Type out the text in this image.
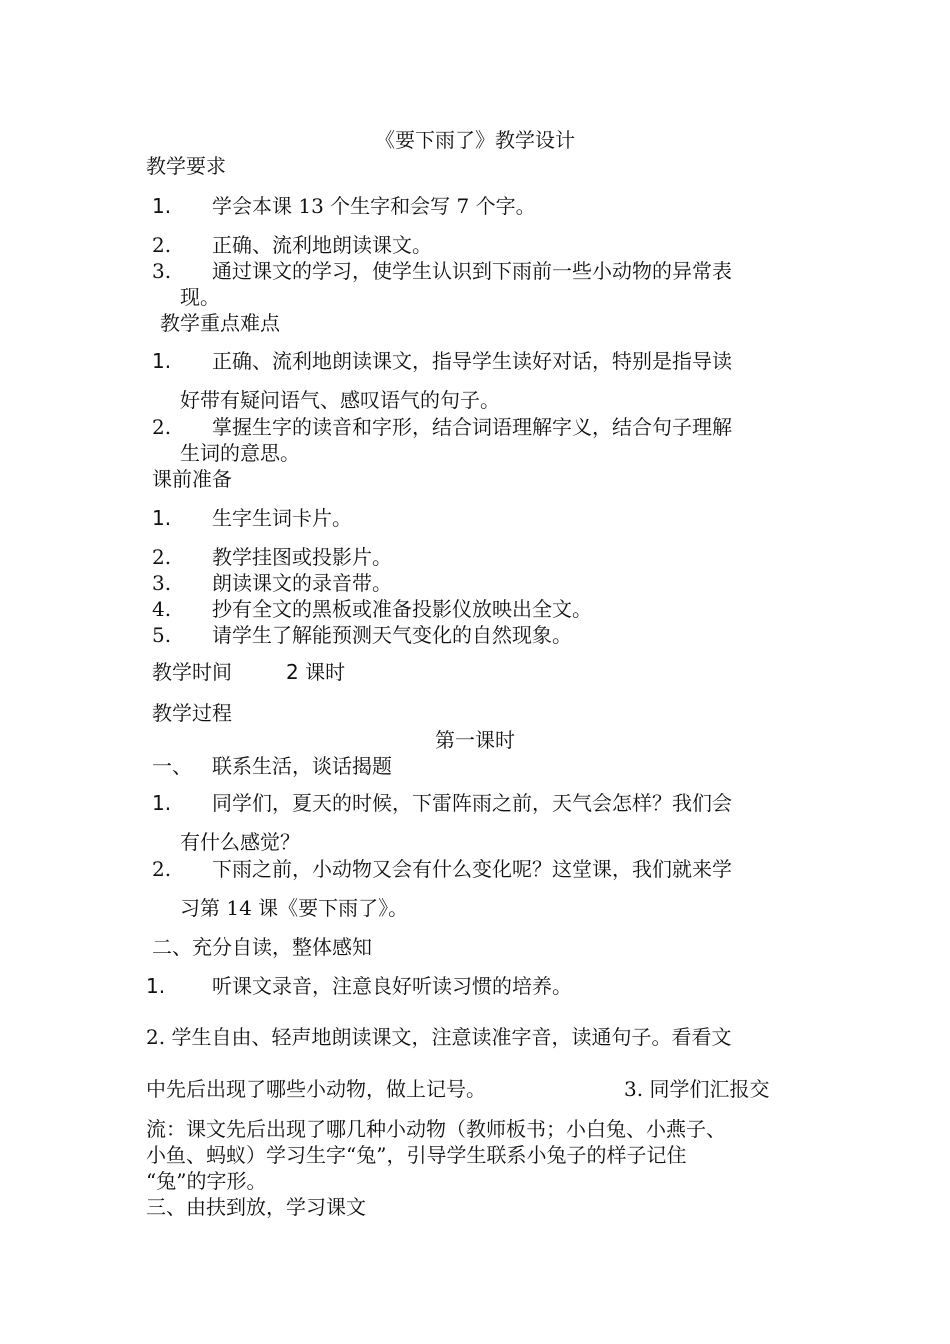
《要下雨了》教学设计
教学要求
1. 学会本课 13 个生字和会写 7 个字。
2. 正确、流利地朗读课文。
3. 通过课文的学习，使学生认识到下雨前一些小动物的异常表
现。
教学重点难点
1. 正确、流利地朗读课文，指导学生读好对话，特别是指导读
好带有疑问语气、感叹语气的句子。
2. 掌握生字的读音和字形，结合词语理解字义，结合句子理解
生词的意思。
课前准备
1. 生字生词卡片。
2. 教学挂图或投影片。
3. 朗读课文的录音带。
4. 抄有全文的黑板或准备投影仪放映出全文。
5. 请学生了解能预测天气变化的自然现象。
教学时间	2 课时
教学过程
第一课时
一、 联系生活，谈话揭题
1. 同学们，夏天的时候，下雷阵雨之前，天气会怎样？我们会
有什么感觉？
2. 下雨之前，小动物又会有什么变化呢？这堂课，我们就来学
习第 14 课《要下雨了》。
二、充分自读，整体感知
1. 听课文录音，注意良好听读习惯的培养。
2. 学生自由、轻声地朗读课文，注意读准字音，读通句子。看看文
中先后出现了哪些小动物，做上记号。	3. 同学们汇报交
流：课文先后出现了哪几种小动物（教师板书；小白兔、小燕子、
小鱼、蚂蚁）学习生字“兔”，引导学生联系小兔子的样子记住
“兔”的字形。
三、由扶到放，学习课文
